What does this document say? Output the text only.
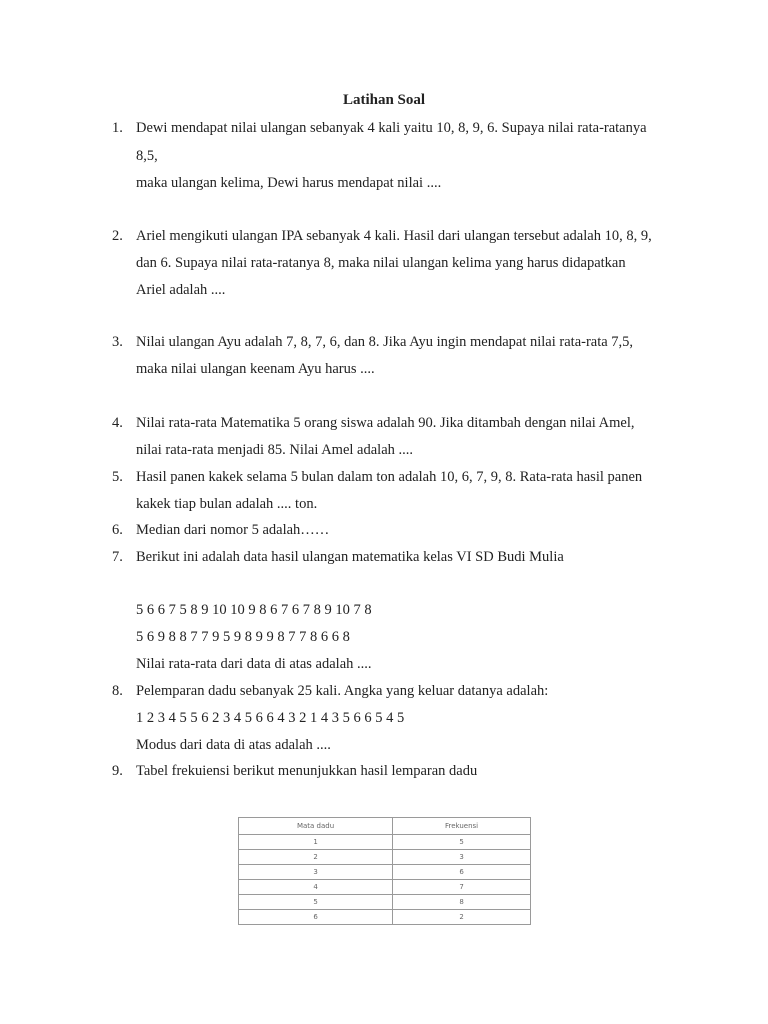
Latihan Soal
1. Dewi mendapat nilai ulangan sebanyak 4 kali yaitu 10, 8, 9, 6. Supaya nilai rata-ratanya
8,5,
maka ulangan kelima, Dewi harus mendapat nilai ....
2. Ariel mengikuti ulangan IPA sebanyak 4 kali. Hasil dari ulangan tersebut adalah 10, 8, 9,
dan 6. Supaya nilai rata-ratanya 8, maka nilai ulangan kelima yang harus didapatkan
Ariel adalah ....
3. Nilai ulangan Ayu adalah 7, 8, 7, 6, dan 8. Jika Ayu ingin mendapat nilai rata-rata 7,5,
maka nilai ulangan keenam Ayu harus ....
4. Nilai rata-rata Matematika 5 orang siswa adalah 90. Jika ditambah dengan nilai Amel,
nilai rata-rata menjadi 85. Nilai Amel adalah ....
5. Hasil panen kakek selama 5 bulan dalam ton adalah 10, 6, 7, 9, 8. Rata-rata hasil panen
kakek tiap bulan adalah .... ton.
6. Median dari nomor 5 adalah……
7. Berikut ini adalah data hasil ulangan matematika kelas VI SD Budi Mulia
5 6 6 7 5 8 9 10 10 9 8 6 7 6 7 8 9 10 7 8
5 6 9 8 8 7 7 9 5 9 8 9 9 8 7 7 8 6 6 8
Nilai rata-rata dari data di atas adalah ....
8. Pelemparan dadu sebanyak 25 kali. Angka yang keluar datanya adalah:
1 2 3 4 5 5 6 2 3 4 5 6 6 4 3 2 1 4 3 5 6 6 5 4 5
Modus dari data di atas adalah ....
9. Tabel frekuiensi berikut menunjukkan hasil lemparan dadu
Mata dadu	Frekuensi
1	5
2	3
3	6
4	7
5	8
6	2
